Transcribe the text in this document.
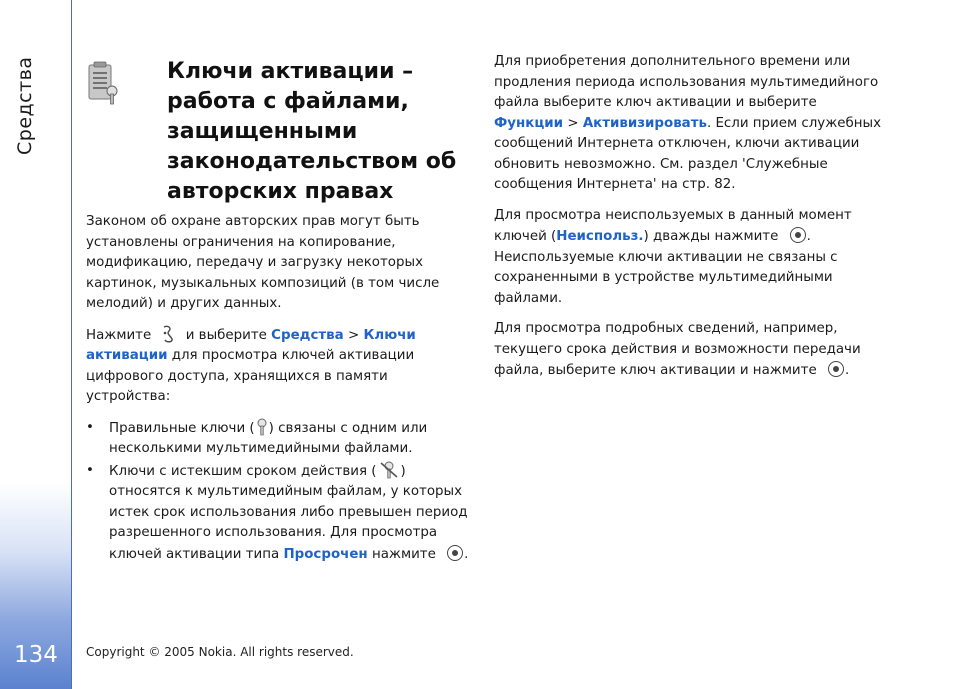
Средства
134
Ключи активации – работа с файлами, защищенными законодательством об авторских правах

Законом об охране авторских прав могут быть установлены ограничения на копирование, модификацию, передачу и загрузку некоторых картинок, музыкальных композиций (в том числе мелодий) и других данных.

Нажмите	и выберите Средства > Ключи активации для просмотра ключей активации цифрового доступа, хранящихся в памяти устройства:

• Правильные ключи ( ) связаны с одним или несколькими мультимедийными файлами.
• Ключи с истекшим сроком действия ( ) относятся к мультимедийным файлам, у которых истек срок использования либо превышен период разрешенного использования. Для просмотра ключей активации типа Просрочен нажмите .

Для приобретения дополнительного времени или продления периода использования мультимедийного файла выберите ключ активации и выберите Функции > Активизировать. Если прием служебных сообщений Интернета отключен, ключи активации обновить невозможно. См. раздел 'Служебные сообщения Интернета' на стр. 82.

Для просмотра неиспользуемых в данный момент ключей (Неиспольз.) дважды нажмите . Неиспользуемые ключи активации не связаны с сохраненными в устройстве мультимедийными файлами.

Для просмотра подробных сведений, например, текущего срока действия и возможности передачи файла, выберите ключ активации и нажмите .

Copyright © 2005 Nokia. All rights reserved.
